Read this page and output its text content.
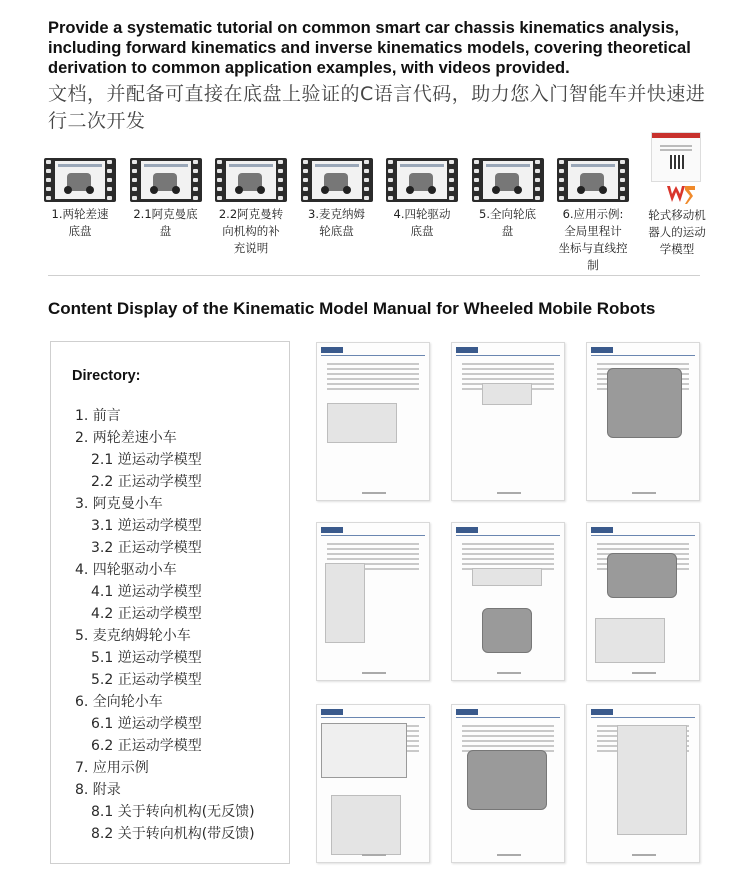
Provide a systematic tutorial on common smart car chassis kinematics analysis, including forward kinematics and inverse kinematics models, covering theoretical derivation to common application examples, with videos provided.

文档，并配备可直接在底盘上验证的C语言代码，助力您入门智能车并快速进行二次开发

1.两轮差速
底盘
2.1阿克曼底
盘
2.2阿克曼转
向机构的补
充说明
3.麦克纳姆
轮底盘
4.四轮驱动
底盘
5.全向轮底
盘
6.应用示例:
全局里程计
坐标与直线控制
轮式移动机
器人的运动
学模型
Content Display of the Kinematic Model Manual for Wheeled Mobile Robots
Directory:
1. 前言
2. 两轮差速小车
2.1 逆运动学模型
2.2 正运动学模型
3. 阿克曼小车
3.1 逆运动学模型
3.2 正运动学模型
4. 四轮驱动小车
4.1 逆运动学模型
4.2 正运动学模型
5. 麦克纳姆轮小车
5.1 逆运动学模型
5.2 正运动学模型
6. 全向轮小车
6.1 逆运动学模型
6.2 正运动学模型
7. 应用示例
8. 附录
8.1 关于转向机构(无反馈)
8.2 关于转向机构(带反馈)
